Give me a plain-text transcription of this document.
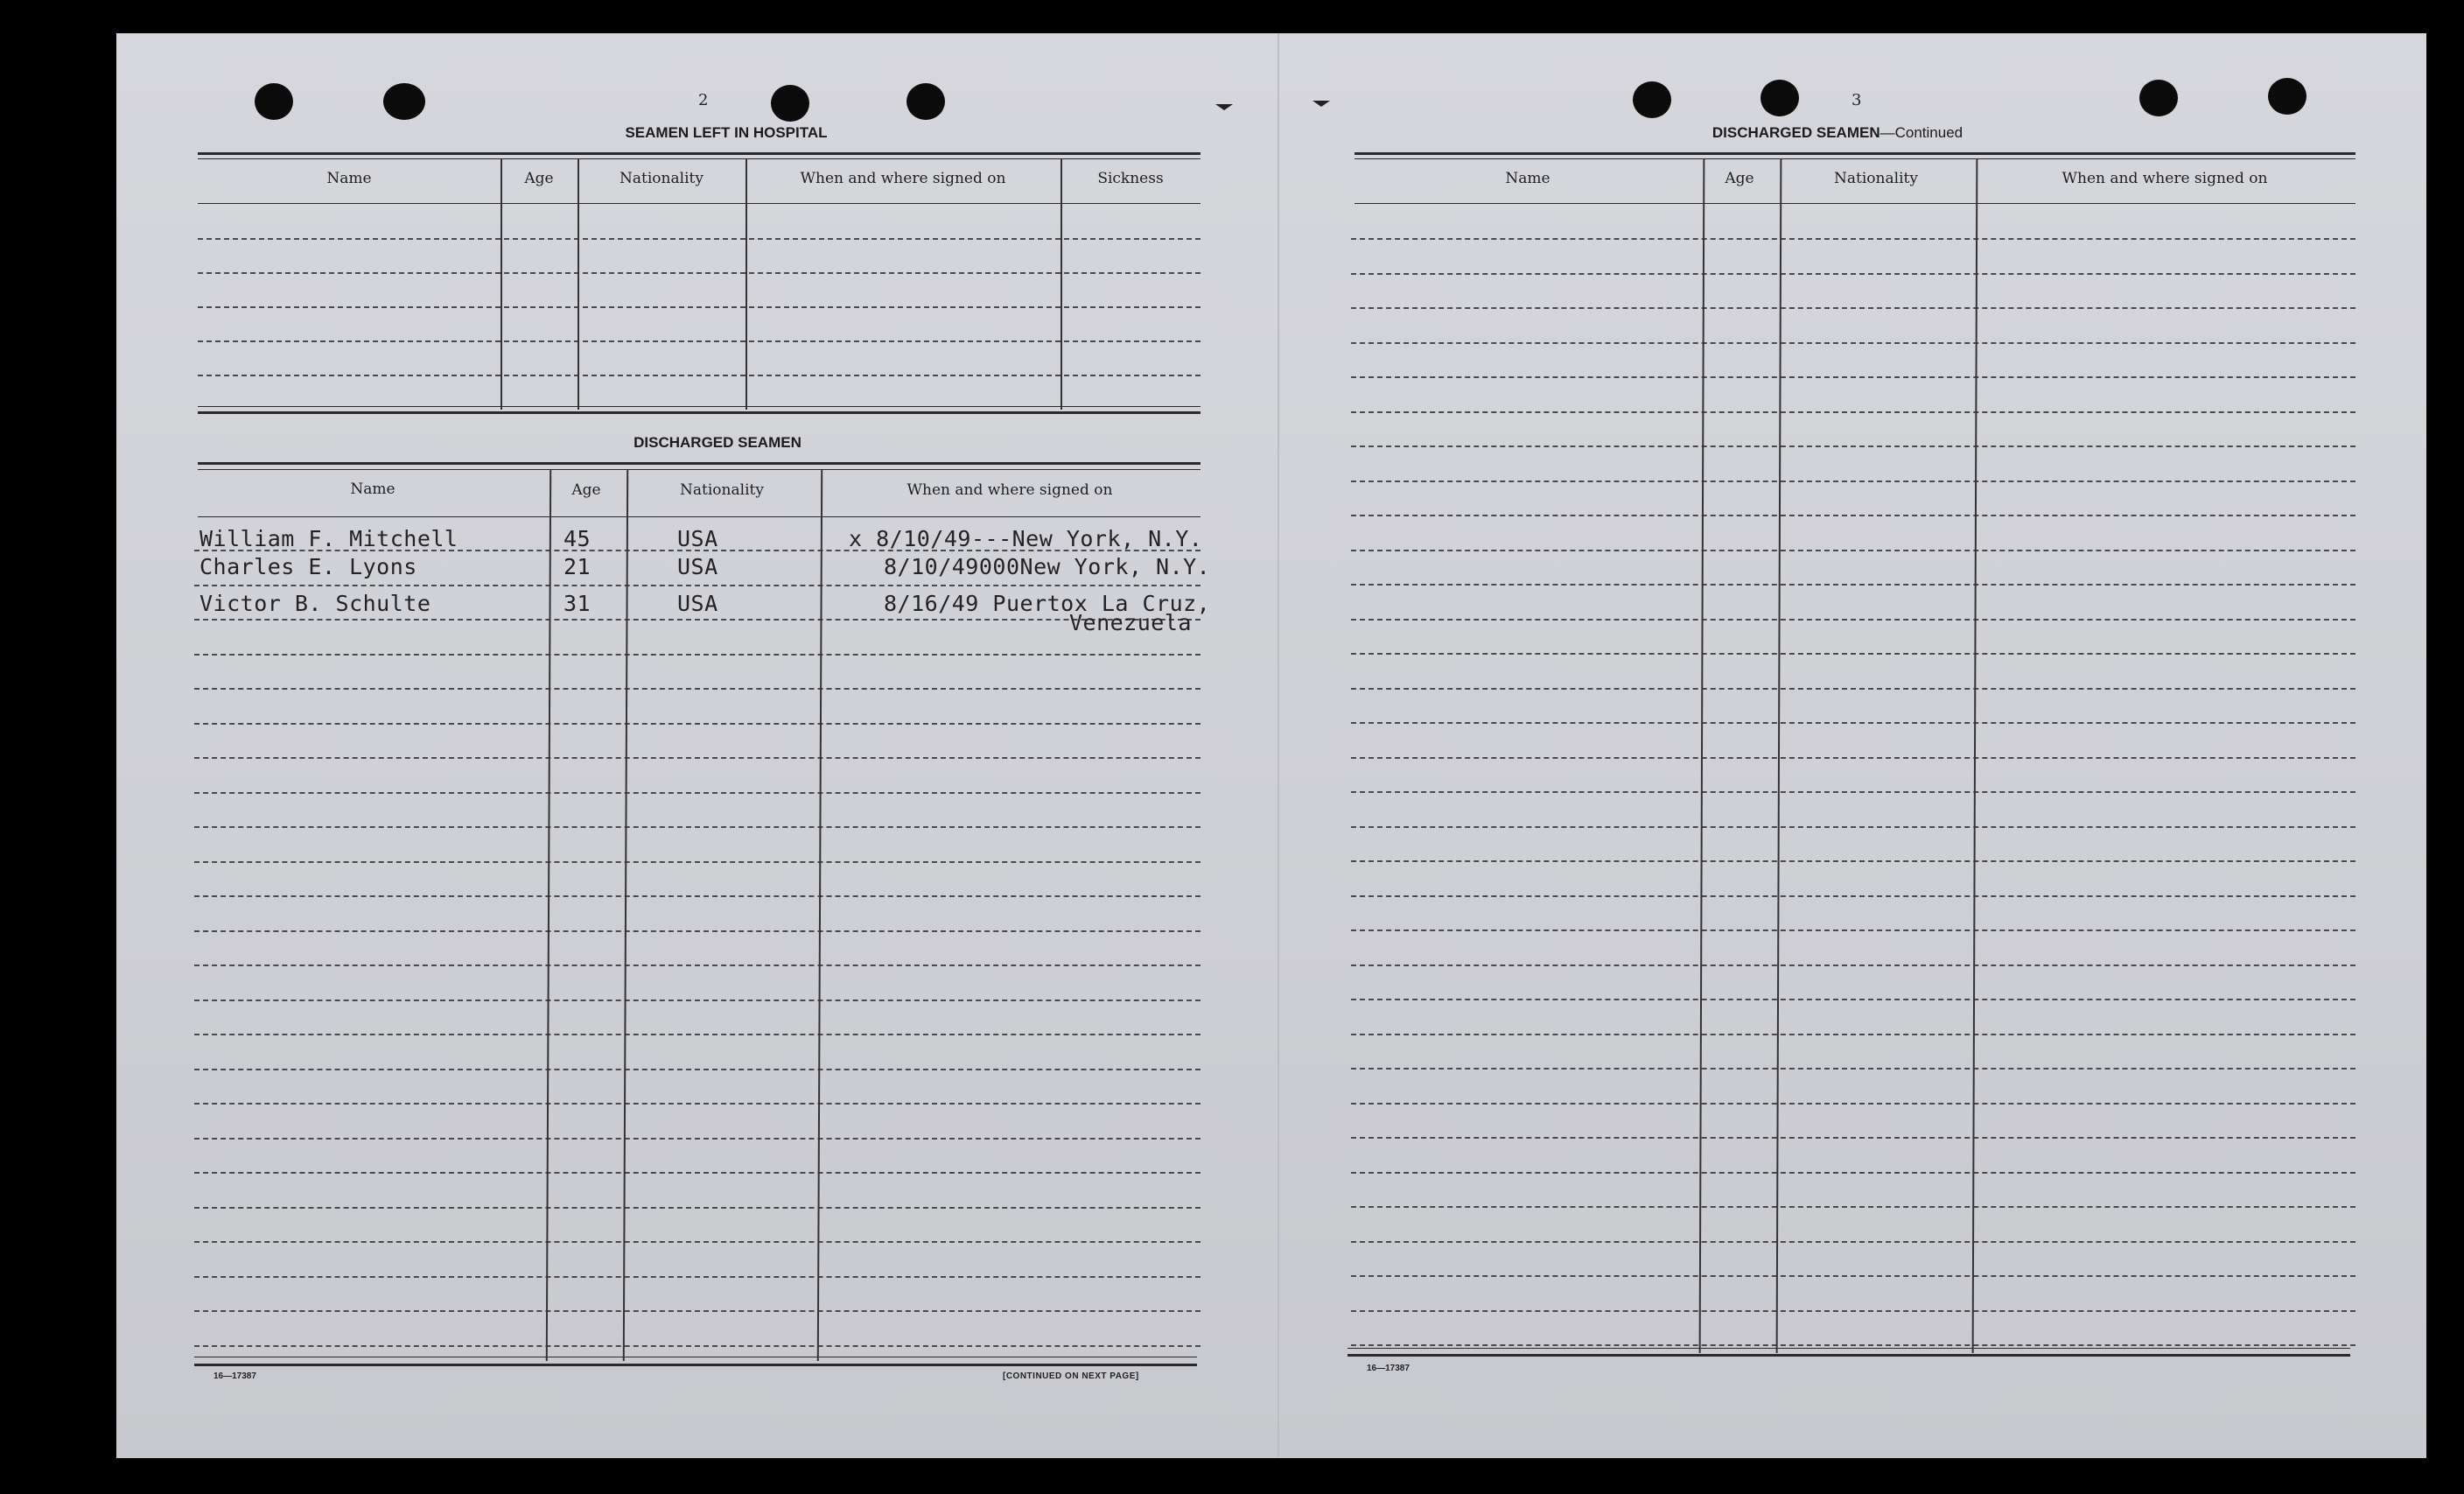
2
SEAMEN LEFT IN HOSPITAL
Name	Age	Nationality	When and where signed on	Sickness
DISCHARGED SEAMEN
Name	Age	Nationality	When and where signed on
William F. Mitchell	45	USA	x 8/10/49---New York, N.Y.
Charles E. Lyons	21	USA	8/10/49000New York, N.Y.
Victor B. Schulte	31	USA	8/16/49 Puertox La Cruz,
Venezuela
16—17387	[CONTINUED ON NEXT PAGE]
3
DISCHARGED SEAMEN—Continued
Name	Age	Nationality	When and where signed on
16—17387
